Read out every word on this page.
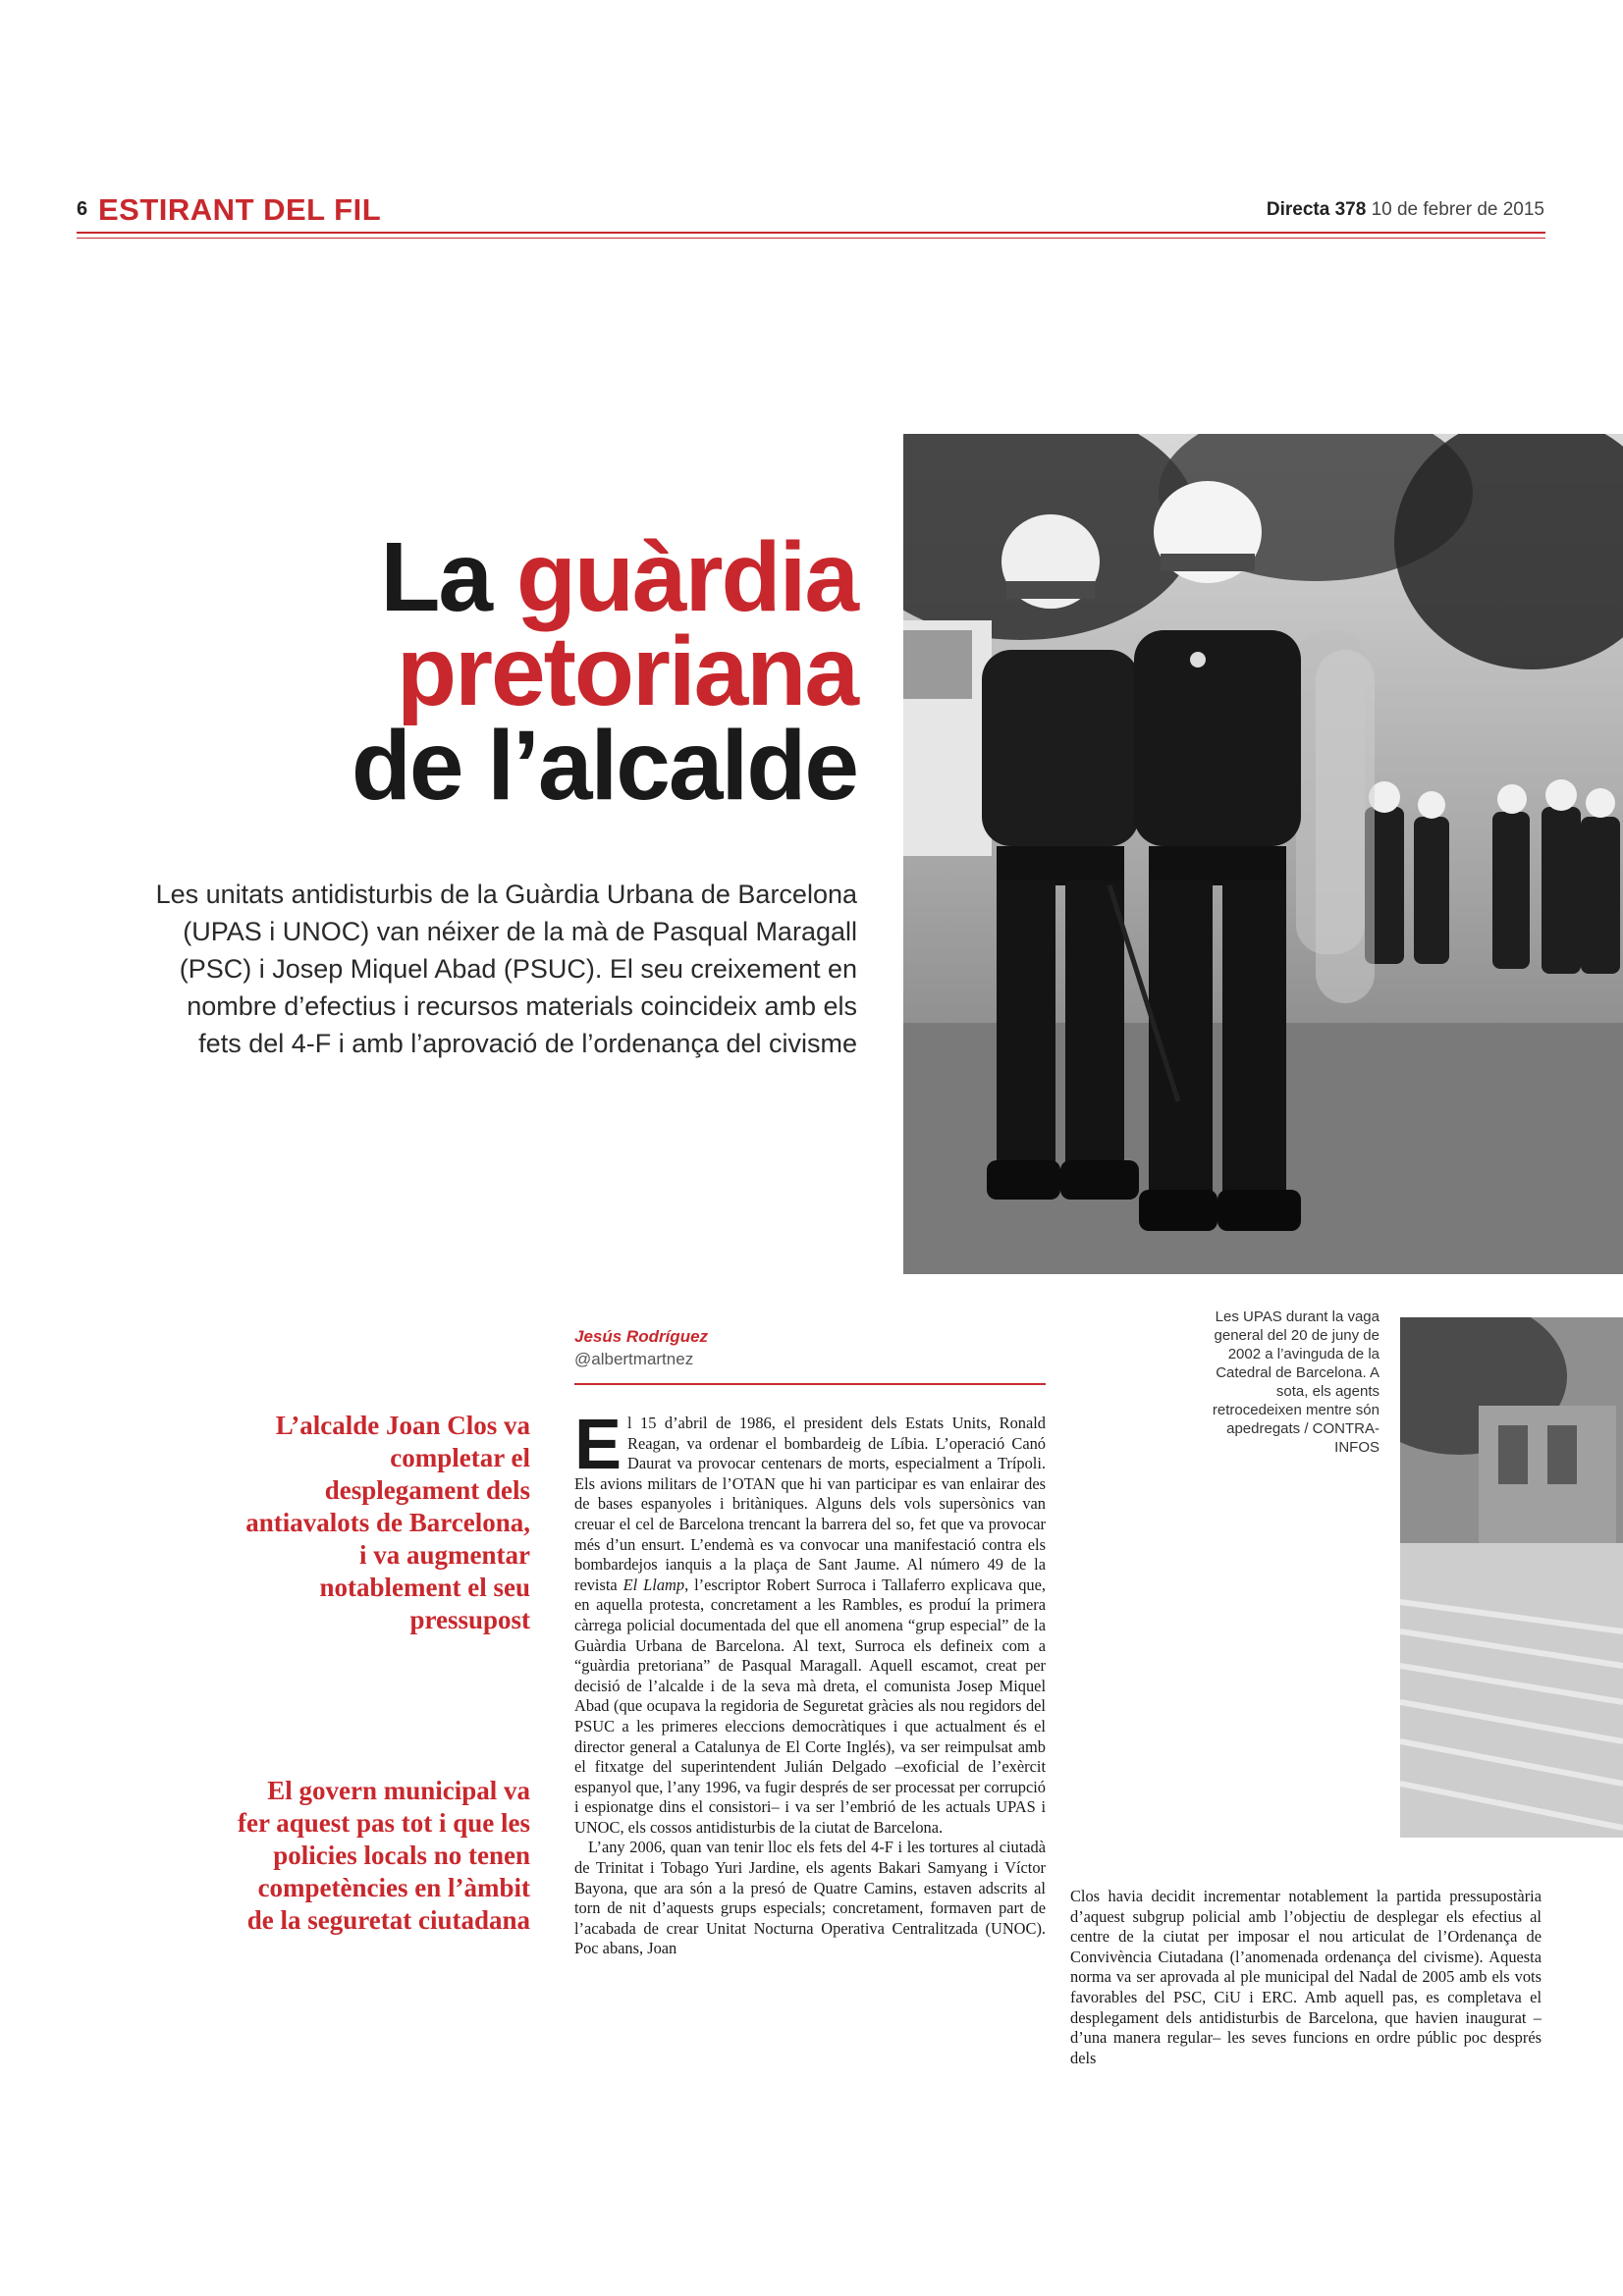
6 ESTIRANT DEL FIL	Directa 378 10 de febrer de 2015
La guàrdia
pretoriana
de l’alcalde
Les unitats antidisturbis de la Guàrdia Urbana de Barcelona (UPAS i UNOC) van néixer de la mà de Pasqual Maragall (PSC) i Josep Miquel Abad (PSUC). El seu creixement en nombre d’efectius i recursos materials coincideix amb els fets del 4-F i amb l’aprovació de l’ordenança del civisme
Les UPAS durant la vaga general del 20 de juny de 2002 a l’avinguda de la Catedral de Barcelona. A sota, els agents retrocedeixen mentre són apedregats / CONTRA-INFOS
Jesús Rodríguez
@albertmartnez
L’alcalde Joan Clos va completar el desplegament dels antiavalots de Barcelona, i va augmentar notablement el seu pressupost
El govern municipal va fer aquest pas tot i que les policies locals no tenen competències en l’àmbit de la seguretat ciutadana

El 15 d’abril de 1986, el president dels Estats Units, Ronald Reagan, va ordenar el bombardeig de Líbia. L’operació Canó Daurat va provocar centenars de morts, especialment a Trípoli. Els avions militars de l’OTAN que hi van participar es van enlairar des de bases espanyoles i britàniques. Alguns dels vols supersònics van creuar el cel de Barcelona trencant la barrera del so, fet que va provocar més d’un ensurt. L’endemà es va convocar una manifestació contra els bombardejos ianquis a la plaça de Sant Jaume. Al número 49 de la revista El Llamp, l’escriptor Robert Surroca i Tallaferro explicava que, en aquella protesta, concretament a les Rambles, es produí la primera càrrega policial documentada del que ell anomena “grup especial” de la Guàrdia Urbana de Barcelona. Al text, Surroca els defineix com a “guàrdia pretoriana” de Pasqual Maragall. Aquell escamot, creat per decisió de l’alcalde i de la seva mà dreta, el comunista Josep Miquel Abad (que ocupava la regidoria de Seguretat gràcies als nou regidors del PSUC a les primeres eleccions democràtiques i que actualment és el director general a Catalunya de El Corte Inglés), va ser reimpulsat amb el fitxatge del superintendent Julián Delgado –exoficial de l’exèrcit espanyol que, l’any 1996, va fugir després de ser processat per corrupció i espionatge dins el consistori– i va ser l’embrió de les actuals UPAS i UNOC, els cossos antidisturbis de la ciutat de Barcelona.

L’any 2006, quan van tenir lloc els fets del 4-F i les tortures al ciutadà de Trinitat i Tobago Yuri Jardine, els agents Bakari Samyang i Víctor Bayona, que ara són a la presó de Quatre Camins, estaven adscrits al torn de nit d’aquests grups especials; concretament, formaven part de l’acabada de crear Unitat Nocturna Operativa Centralitzada (UNOC). Poc abans, Joan

Clos havia decidit incrementar notablement la partida pressupostària d’aquest subgrup policial amb l’objectiu de desplegar els efectius al centre de la ciutat per imposar el nou articulat de l’Ordenança de Convivència Ciutadana (l’anomenada ordenança del civisme). Aquesta norma va ser aprovada al ple municipal del Nadal de 2005 amb els vots favorables del PSC, CiU i ERC. Amb aquell pas, es completava el desplegament dels antidisturbis de Barcelona, que havien inaugurat –d’una manera regular– les seves funcions en ordre públic poc després dels
